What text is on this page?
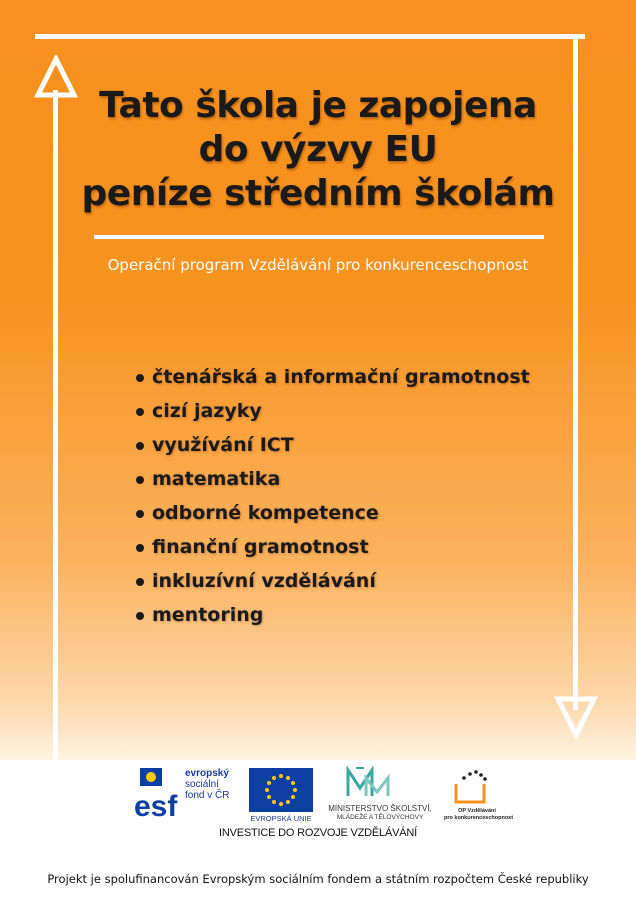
Tato škola je zapojena
do výzvy EU
peníze středním školám
Operační program Vzdělávání pro konkurenceschopnost
čtenářská a informační gramotnost
cizí jazyky
využívání ICT
matematika
odborné kompetence
finanční gramotnost
inkluzívní vzdělávání
mentoring
esf
evropský
sociální
fond v ČR
EVROPSKÁ UNIE
MINISTERSTVO ŠKOLSTVÍ,
MLÁDEŽE A TĚLOVÝCHOVY
OP Vzdělávání
pro konkurenceschopnost
INVESTICE DO ROZVOJE VZDĚLÁVÁNÍ
Projekt je spolufinancován Evropským sociálním fondem a státním rozpočtem České republiky
